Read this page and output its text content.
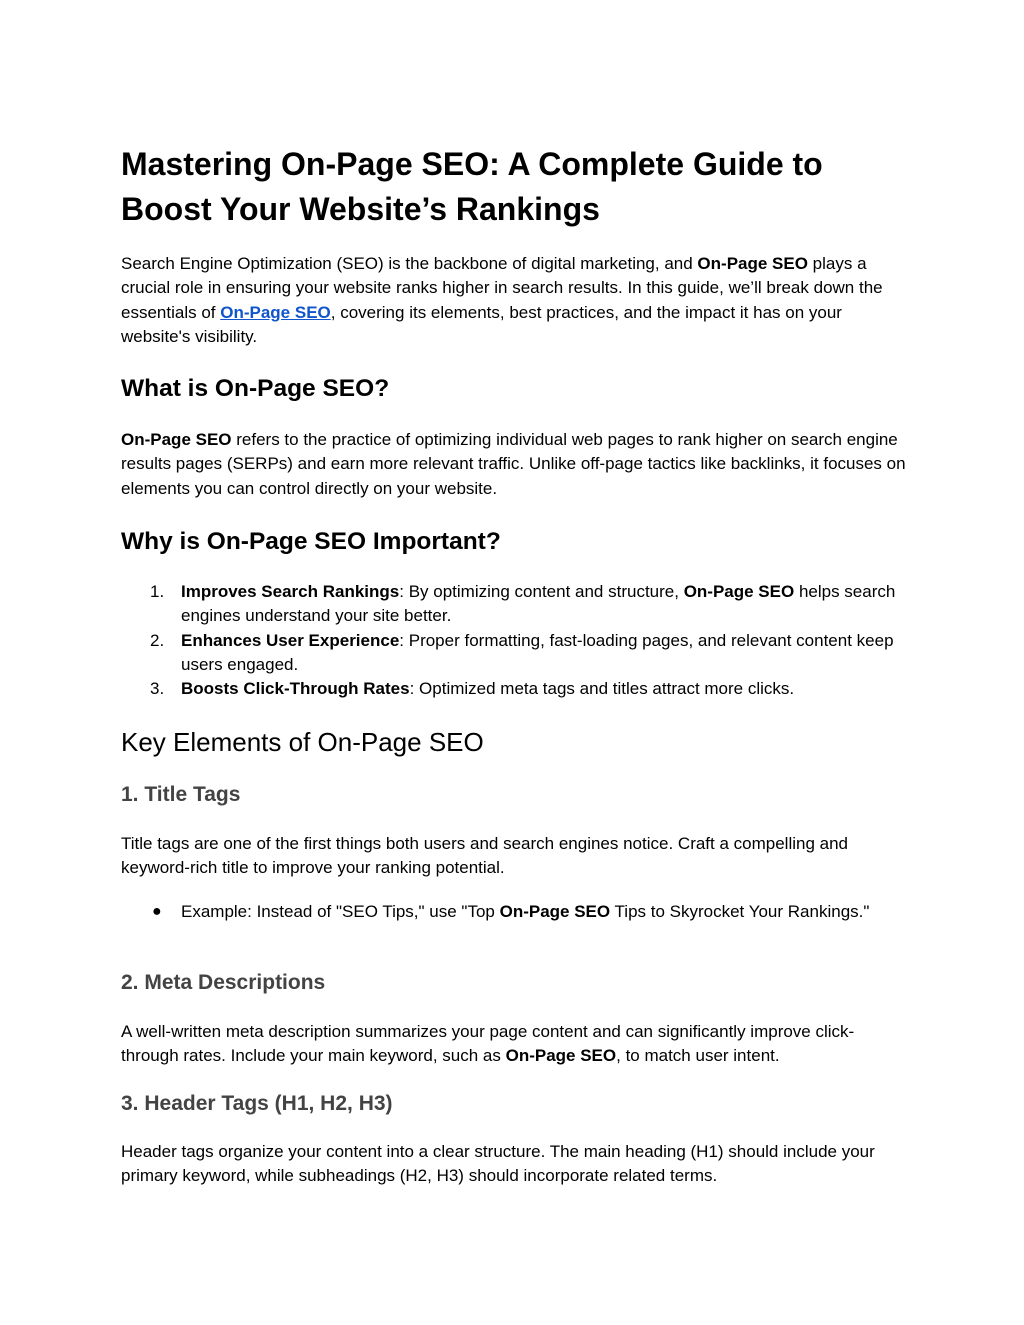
Mastering On-Page SEO: A Complete Guide to Boost Your Website’s Rankings

Search Engine Optimization (SEO) is the backbone of digital marketing, and On-Page SEO plays a crucial role in ensuring your website ranks higher in search results. In this guide, we’ll break down the essentials of On-Page SEO, covering its elements, best practices, and the impact it has on your website's visibility.

What is On-Page SEO?

On-Page SEO refers to the practice of optimizing individual web pages to rank higher on search engine results pages (SERPs) and earn more relevant traffic. Unlike off-page tactics like backlinks, it focuses on elements you can control directly on your website.

Why is On-Page SEO Important?
1. Improves Search Rankings: By optimizing content and structure, On-Page SEO helps search engines understand your site better.
2. Enhances User Experience: Proper formatting, fast-loading pages, and relevant content keep users engaged.
3. Boosts Click-Through Rates: Optimized meta tags and titles attract more clicks.
Key Elements of On-Page SEO
1. Title Tags

Title tags are one of the first things both users and search engines notice. Craft a compelling and keyword-rich title to improve your ranking potential.

● Example: Instead of "SEO Tips," use "Top On-Page SEO Tips to Skyrocket Your Rankings."
2. Meta Descriptions

A well-written meta description summarizes your page content and can significantly improve click-through rates. Include your main keyword, such as On-Page SEO, to match user intent.

3. Header Tags (H1, H2, H3)

Header tags organize your content into a clear structure. The main heading (H1) should include your primary keyword, while subheadings (H2, H3) should incorporate related terms.
